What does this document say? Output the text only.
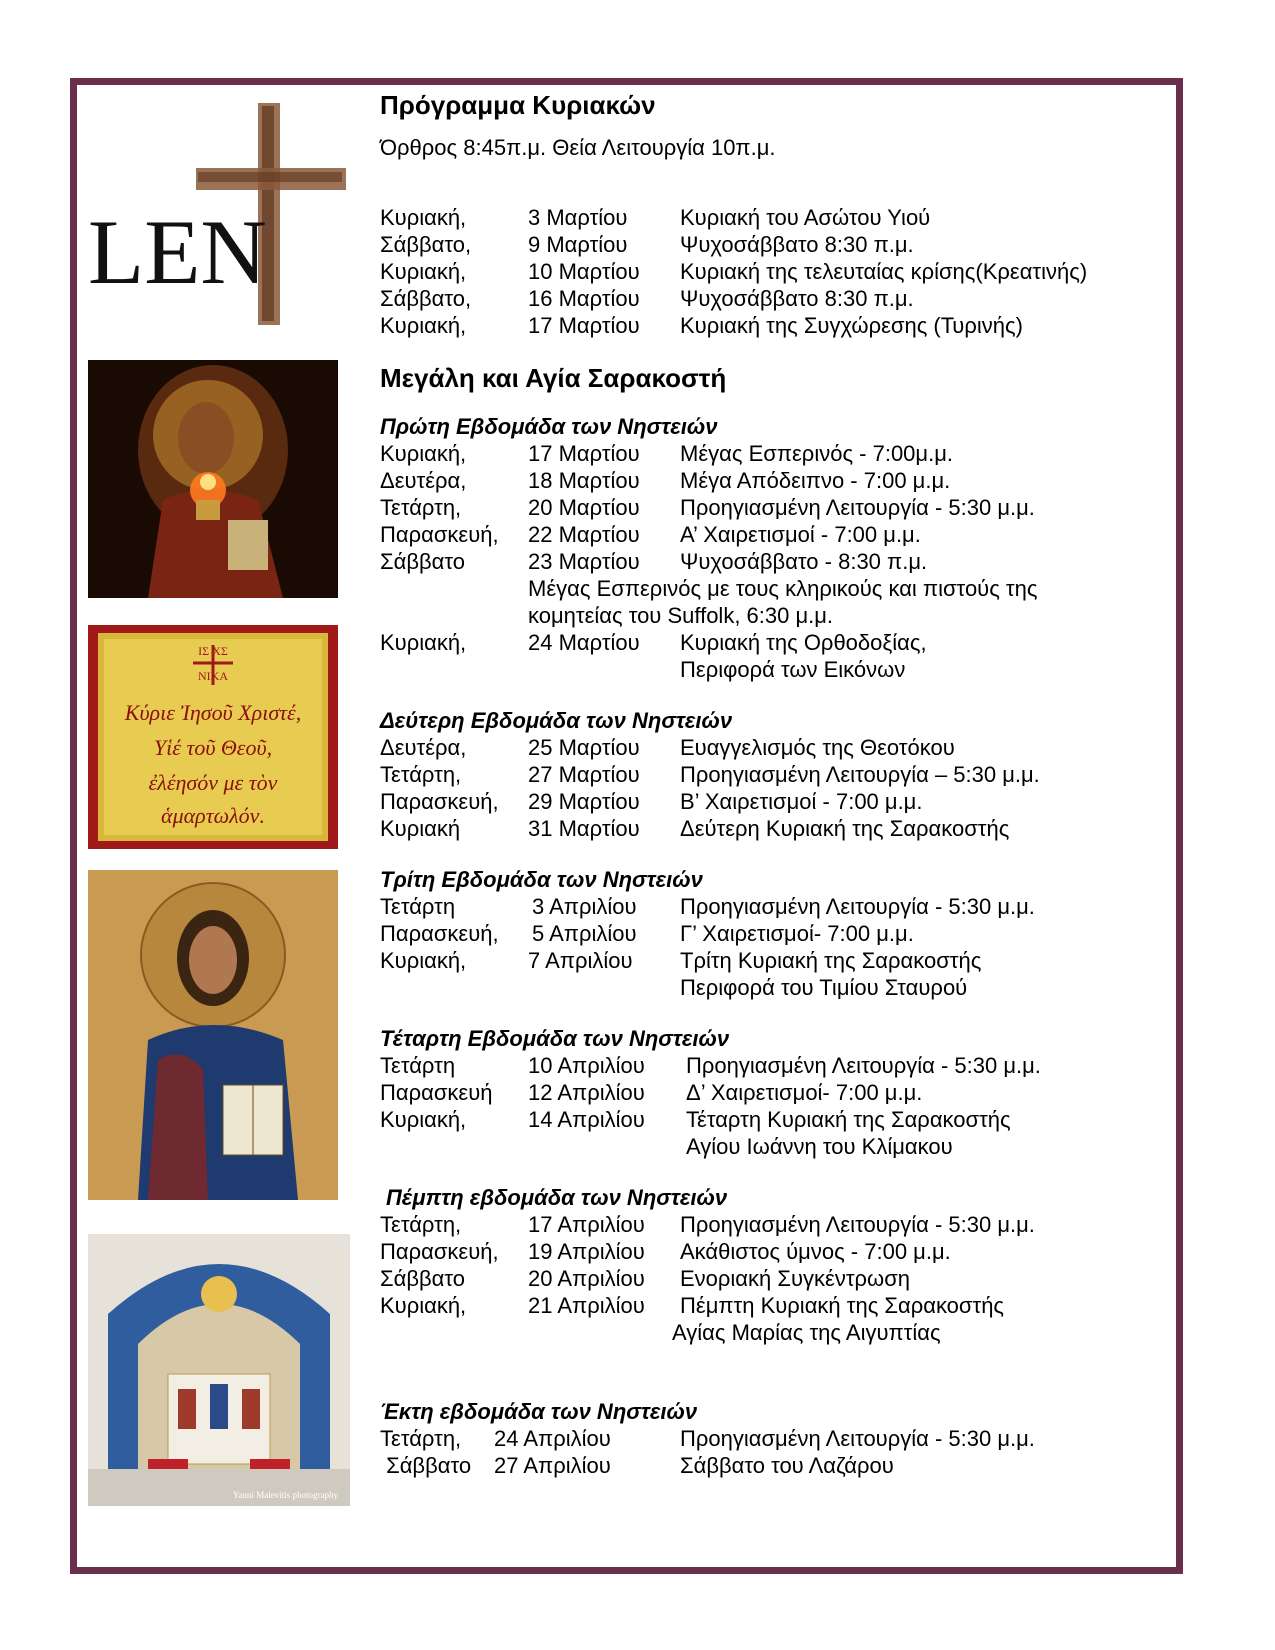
LEN
ΙΣ ΧΣ
ΝΙΚΑ
Κύριε Ἰησοῦ Χριστέ,
Υἱέ τοῦ Θεοῦ,
ἐλέησόν με τὸν
ἁμαρτωλόν.
Yanni Malevitis photography
Πρόγραμμα Κυριακών
Όρθρος 8:45π.μ. Θεία Λειτουργία 10π.μ.
Κυριακή,	3 Μαρτίου Κυριακή του Ασώτου Υιού
Σάββατο,	9 Μαρτίου Ψυχοσάββατο 8:30 π.μ.
Κυριακή,	10 Μαρτίου Κυριακή της τελευταίας κρίσης(Κρεατινής)
Σάββατο,	16 Μαρτίου Ψυχοσάββατο 8:30 π.μ.
Κυριακή,	17 Μαρτίου Κυριακή της Συγχώρεσης (Τυρινής)
Μεγάλη και Αγία Σαρακοστή
Πρώτη Εβδομάδα των Νηστειών
Κυριακή,	17 Μαρτίου Μέγας Εσπερινός - 7:00μ.μ.
Δευτέρα,	18 Μαρτίου Μέγα Απόδειπνο - 7:00 μ.μ.
Τετάρτη,	20 Μαρτίου Προηγιασμένη Λειτουργία - 5:30 μ.μ.
Παρασκευή, 22 Μαρτίου Α’ Χαιρετισμοί - 7:00 μ.μ.
Σάββατο	23 Μαρτίου Ψυχοσάββατο - 8:30 π.μ.
Μέγας Εσπερινός με τους κληρικούς και πιστούς της
κομητείας του Suffolk, 6:30 μ.μ.
Κυριακή,	24 Μαρτίου Κυριακή της Ορθοδοξίας,
Περιφορά των Εικόνων
Δεύτερη Εβδομάδα των Νηστειών
Δευτέρα,	25 Μαρτίου Ευαγγελισμός της Θεοτόκου
Τετάρτη,	27 Μαρτίου Προηγιασμένη Λειτουργία – 5:30 μ.μ.
Παρασκευή, 29 Μαρτίου Β’ Χαιρετισμοί - 7:00 μ.μ.
Κυριακή	31 Μαρτίου Δεύτερη Κυριακή της Σαρακοστής
Τρίτη Εβδομάδα των Νηστειών
Τετάρτη	3 Απριλίου Προηγιασμένη Λειτουργία - 5:30 μ.μ.
Παρασκευή, 5 Απριλίου Γ’ Χαιρετισμοί- 7:00 μ.μ.
Κυριακή,	7 Απριλίου Τρίτη Κυριακή της Σαρακοστής
Περιφορά του Τιμίου Σταυρού
Τέταρτη Εβδομάδα των Νηστειών
Τετάρτη	10 Απριλίου Προηγιασμένη Λειτουργία - 5:30 μ.μ.
Παρασκευή 12 Απριλίου Δ’ Χαιρετισμοί- 7:00 μ.μ.
Κυριακή,	14 Απριλίου Τέταρτη Κυριακή της Σαρακοστής
Αγίου Ιωάννη του Κλίμακου
Πέμπτη εβδομάδα των Νηστειών
Τετάρτη,	17 Απριλίου Προηγιασμένη Λειτουργία - 5:30 μ.μ.
Παρασκευή, 19 Απριλίου Ακάθιστος ύμνος - 7:00 μ.μ.
Σάββατο	20 Απριλίου Ενοριακή Συγκέντρωση
Κυριακή,	21 Απριλίου Πέμπτη Κυριακή της Σαρακοστής
Αγίας Μαρίας της Αιγυπτίας
Έκτη εβδομάδα των Νηστειών
Τετάρτη, 24 Απριλίου	Προηγιασμένη Λειτουργία - 5:30 μ.μ.
Σάββατο 27 Απριλίου	Σάββατο του Λαζάρου
